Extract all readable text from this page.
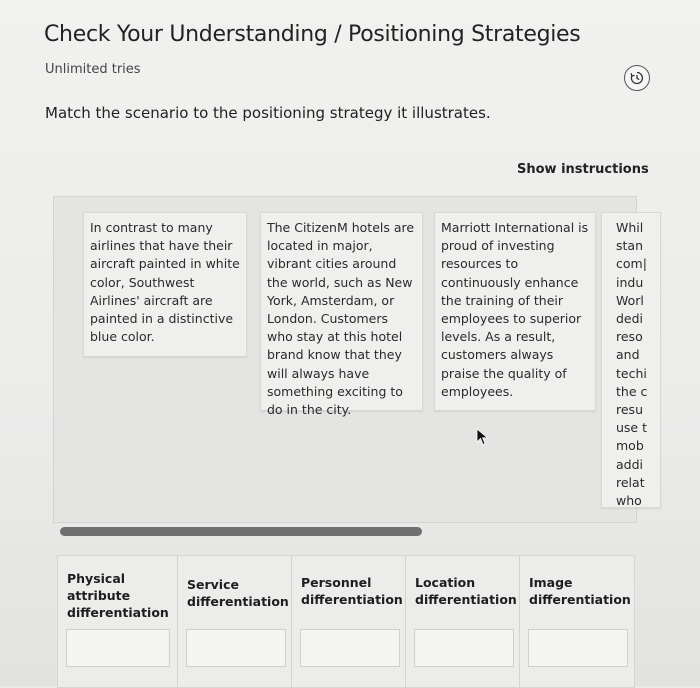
Check Your Understanding / Positioning Strategies
Unlimited tries
Match the scenario to the positioning strategy it illustrates.
Show instructions
In contrast to many airlines that have their aircraft painted in white color, Southwest Airlines' aircraft are painted in a distinctive blue color.
The CitizenM hotels are located in major, vibrant cities around the world, such as New York, Amsterdam, or London. Customers who stay at this hotel brand know that they will always have something exciting to do in the city.
Marriott International is proud of investing resources to continuously enhance the training of their employees to superior levels. As a result, customers always praise the quality of employees.
Whil
stan
com|
indu
Worl
dedi
reso
and
techi
the c
resu
use t
mob
addi
relat
who
Physical attribute differentiation
Service differentiation
Personnel differentiation
Location differentiation
Image differentiation
